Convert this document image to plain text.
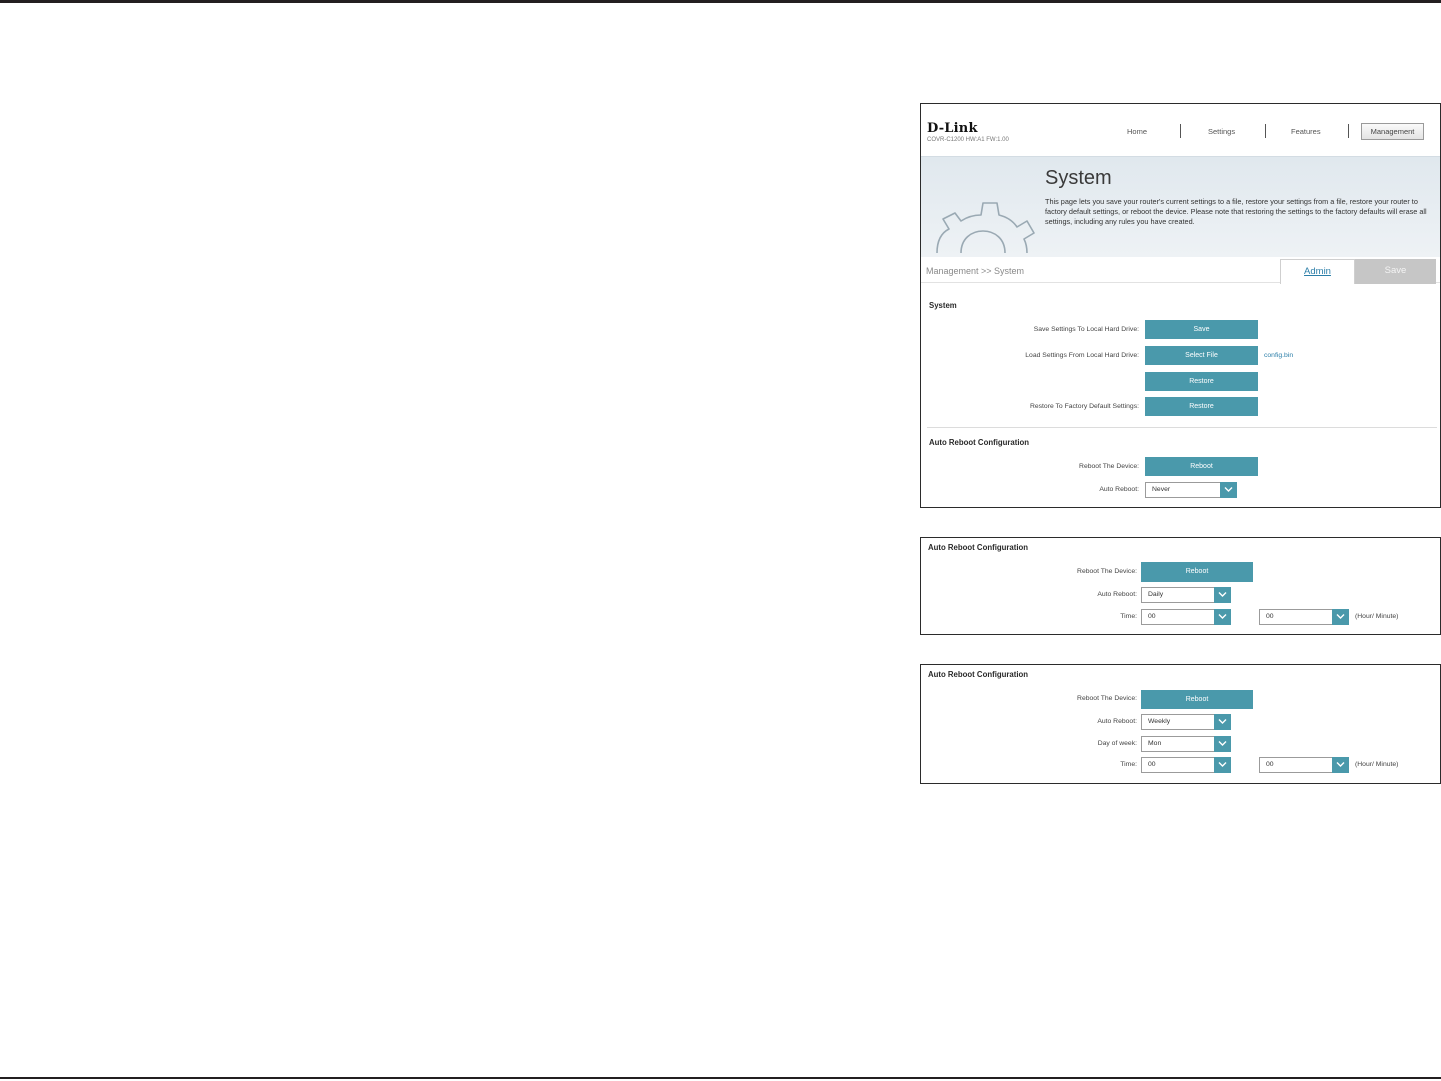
D-Link
COVR-C1200 HW:A1 FW:1.00
Home	Settings	Features	Management
System
This page lets you save your router's current settings to a file, restore your settings from a file, restore your router to factory default settings, or reboot the device. Please note that restoring the settings to the factory defaults will erase all settings, including any rules you have created.
Management >> System	Admin	Save
System
Save Settings To Local Hard Drive:	Save
Load Settings From Local Hard Drive:	Select File	config.bin
Restore
Restore To Factory Default Settings:	Restore
Auto Reboot Configuration
Reboot The Device:	Reboot
Auto Reboot: Never
Auto Reboot Configuration
Reboot The Device:	Reboot
Auto Reboot: Daily
Time: 00	00	(Hour/ Minute)
Auto Reboot Configuration
Reboot The Device:	Reboot
Auto Reboot: Weekly
Day of week: Mon
Time: 00	00	(Hour/ Minute)
